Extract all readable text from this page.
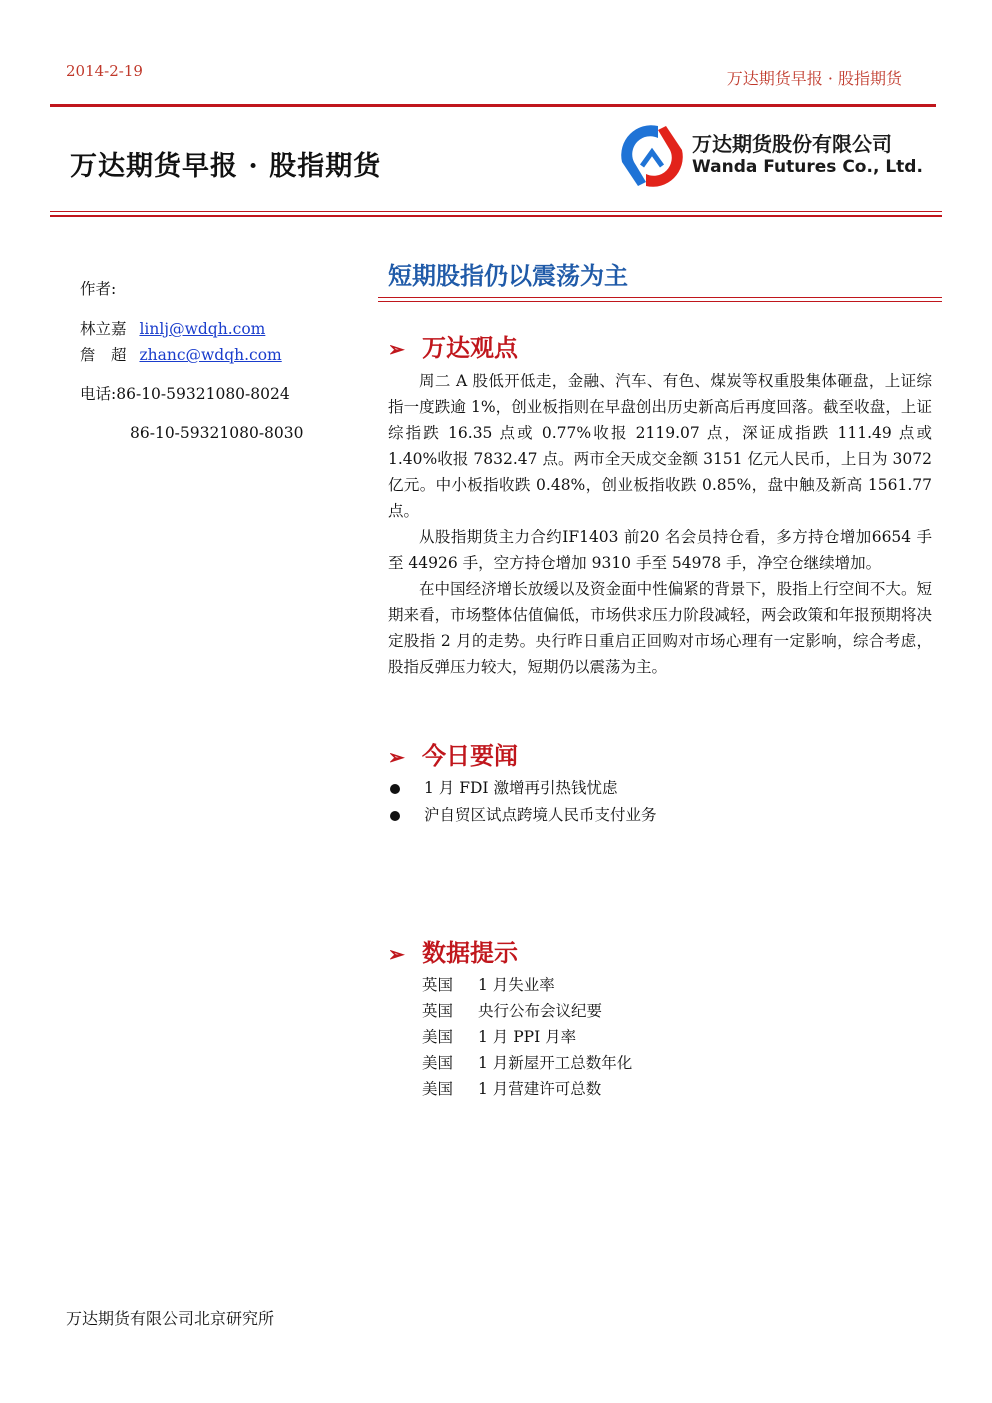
2014-2-19	万达期货早报 · 股指期货
万达期货早报 · 股指期货
万达期货股份有限公司
Wanda Futures Co., Ltd.
作者:
林立嘉 linlj@wdqh.com
詹　超 zhanc@wdqh.com
电话:86-10-59321080-8024
86-10-59321080-8030
短期股指仍以震荡为主
➢ 万达观点
周二 A 股低开低走，金融、汽车、有色、煤炭等权重股集体砸盘，上证综指一度跌逾 1%，创业板指则在早盘创出历史新高后再度回落。截至收盘，上证综指跌 16.35 点或 0.77%收报 2119.07 点，深证成指跌 111.49 点或 1.40%收报 7832.47 点。两市全天成交金额 3151 亿元人民币，上日为 3072 亿元。中小板指收跌 0.48%，创业板指收跌 0.85%，盘中触及新高 1561.77 点。
从股指期货主力合约IF1403 前20 名会员持仓看，多方持仓增加6654 手至 44926 手，空方持仓增加 9310 手至 54978 手，净空仓继续增加。
在中国经济增长放缓以及资金面中性偏紧的背景下，股指上行空间不大。短期来看，市场整体估值偏低，市场供求压力阶段减轻，两会政策和年报预期将决定股指 2 月的走势。央行昨日重启正回购对市场心理有一定影响，综合考虑，股指反弹压力较大，短期仍以震荡为主。
➢ 今日要闻
1 月 FDI 激增再引热钱忧虑
沪自贸区试点跨境人民币支付业务
➢ 数据提示
英国 1 月失业率
英国 央行公布会议纪要
美国 1 月 PPI 月率
美国 1 月新屋开工总数年化
美国 1 月营建许可总数
万达期货有限公司北京研究所
